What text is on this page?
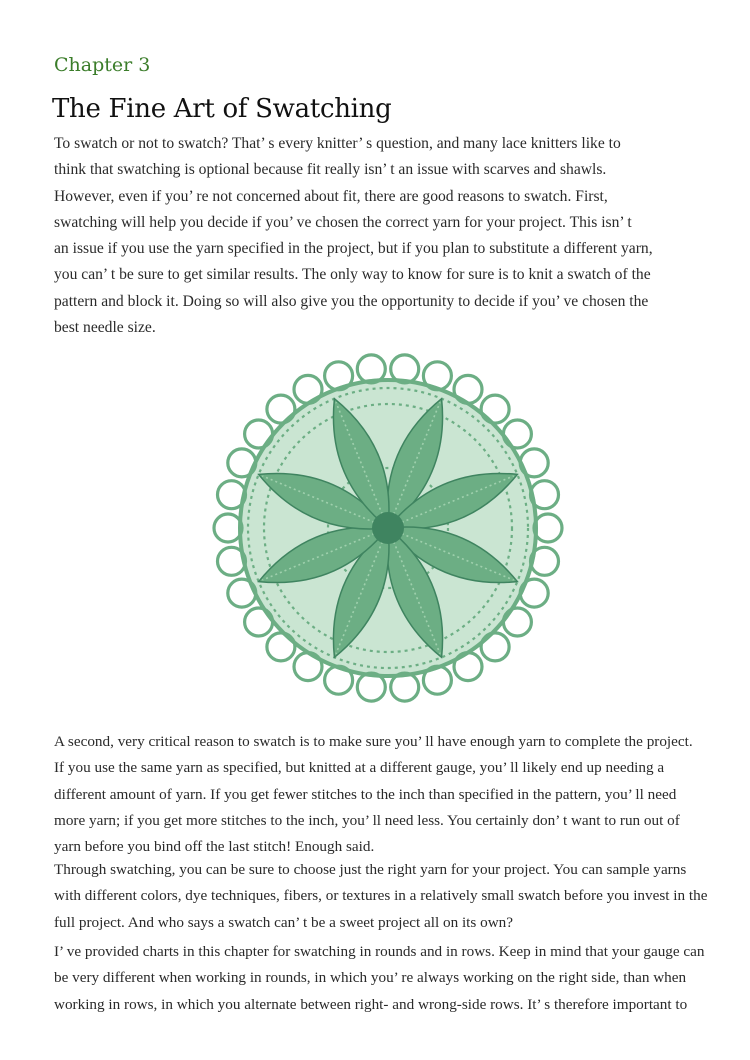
Chapter 3
The Fine Art of Swatching

To swatch or not to swatch? That’ s every knitter’ s question, and many lace knitters like to
think that swatching is optional because fit really isn’ t an issue with scarves and shawls.
However, even if you’ re not concerned about fit, there are good reasons to swatch. First,
swatching will help you decide if you’ ve chosen the correct yarn for your project. This isn’ t
an issue if you use the yarn specified in the project, but if you plan to substitute a different yarn,
you can’ t be sure to get similar results. The only way to know for sure is to knit a swatch of the
pattern and block it. Doing so will also give you the opportunity to decide if you’ ve chosen the
best needle size.

A second, very critical reason to swatch is to make sure you’ ll have enough yarn to complete the project.
If you use the same yarn as specified, but knitted at a different gauge, you’ ll likely end up needing a
different amount of yarn. If you get fewer stitches to the inch than specified in the pattern, you’ ll need
more yarn; if you get more stitches to the inch, you’ ll need less. You certainly don’ t want to run out of
yarn before you bind off the last stitch! Enough said.

Through swatching, you can be sure to choose just the right yarn for your project. You can sample yarns
with different colors, dye techniques, fibers, or textures in a relatively small swatch before you invest in the
full project. And who says a swatch can’ t be a sweet project all on its own?

I’ ve provided charts in this chapter for swatching in rounds and in rows. Keep in mind that your gauge can
be very different when working in rounds, in which you’ re always working on the right side, than when
working in rows, in which you alternate between right- and wrong-side rows. It’ s therefore important to
